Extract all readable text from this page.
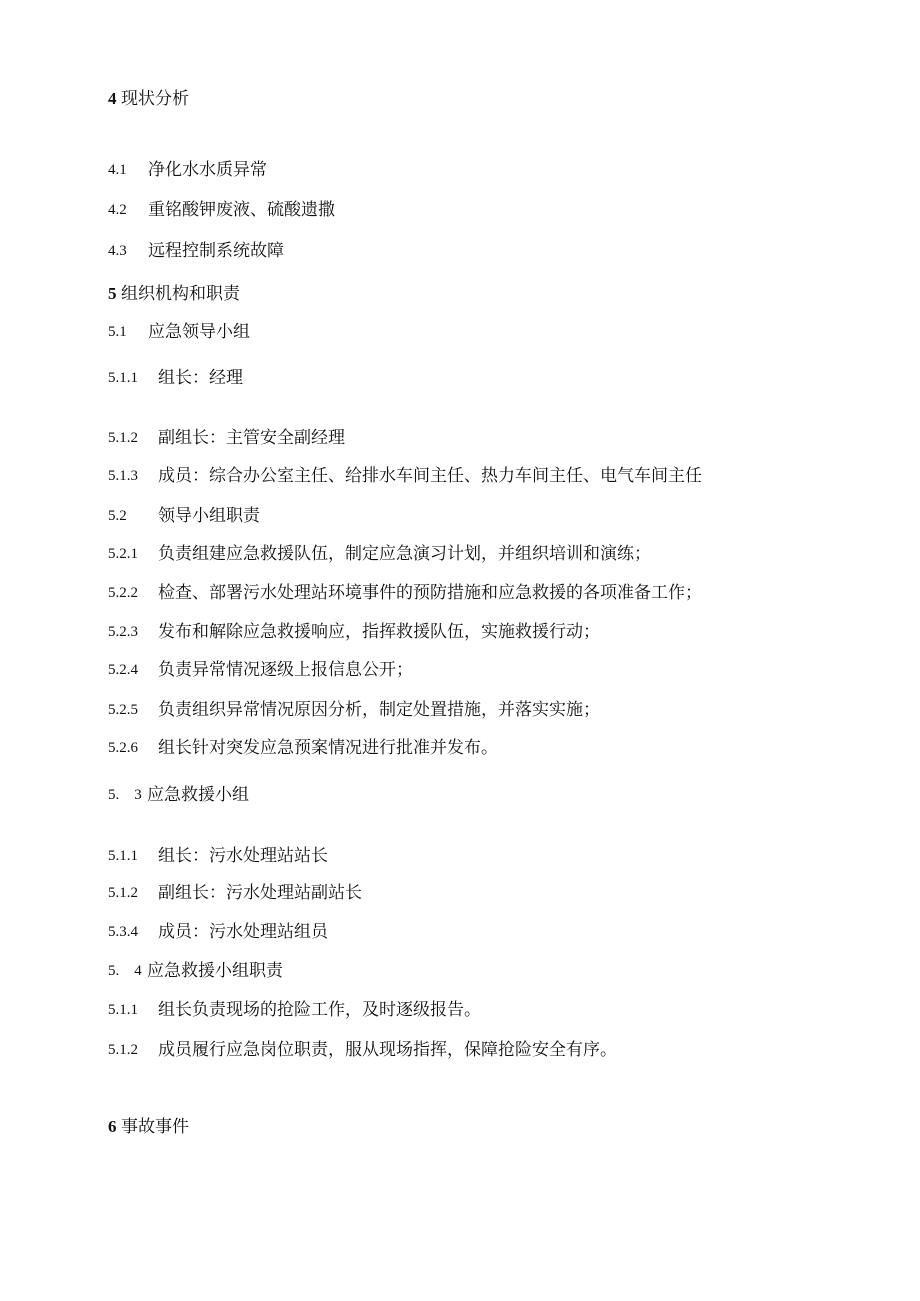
4 现状分析
4.1 净化水水质异常
4.2 重铭酸钾废液、硫酸遗撒
4.3 远程控制系统故障
5 组织机构和职责
5.1 应急领导小组
5.1.1 组长：经理
5.1.2 副组长：主管安全副经理
5.1.3 成员：综合办公室主任、给排水车间主任、热力车间主任、电气车间主任
5.2 领导小组职责
5.2.1 负责组建应急救援队伍，制定应急演习计划，并组织培训和演练；
5.2.2 检查、部署污水处理站环境事件的预防措施和应急救援的各项准备工作；
5.2.3 发布和解除应急救援响应，指挥救援队伍，实施救援行动；
5.2.4 负责异常情况逐级上报信息公开；
5.2.5 负责组织异常情况原因分析，制定处置措施，并落实实施；
5.2.6 组长针对突发应急预案情况进行批准并发布。
5.　3 应急救援小组
5.1.1 组长：污水处理站站长
5.1.2 副组长：污水处理站副站长
5.3.4 成员：污水处理站组员
5.　4 应急救援小组职责
5.1.1 组长负责现场的抢险工作，及时逐级报告。
5.1.2 成员履行应急岗位职责，服从现场指挥，保障抢险安全有序。
6 事故事件
